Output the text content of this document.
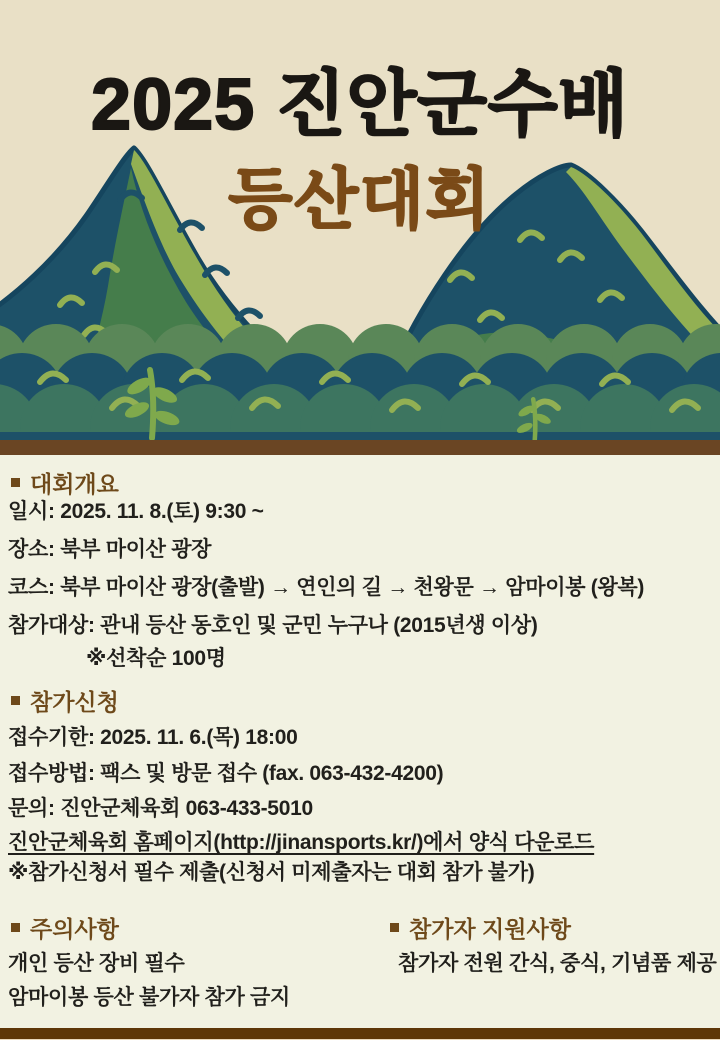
2025 진안군수배
등산대회
대회개요
일시: 2025. 11. 8.(토) 9:30 ~
장소: 북부 마이산 광장
코스: 북부 마이산 광장(출발) → 연인의 길 → 천왕문 → 암마이봉 (왕복)
참가대상: 관내 등산 동호인 및 군민 누구나 (2015년생 이상)
※선착순 100명
참가신청
접수기한: 2025. 11. 6.(목) 18:00
접수방법: 팩스 및 방문 접수 (fax. 063-432-4200)
문의: 진안군체육회 063-433-5010
진안군체육회 홈페이지(http://jinansports.kr/)에서 양식 다운로드
※참가신청서 필수 제출(신청서 미제출자는 대회 참가 불가)
주의사항
개인 등산 장비 필수
암마이봉 등산 불가자 참가 금지
참가자 지원사항
참가자 전원 간식, 중식, 기념품 제공
